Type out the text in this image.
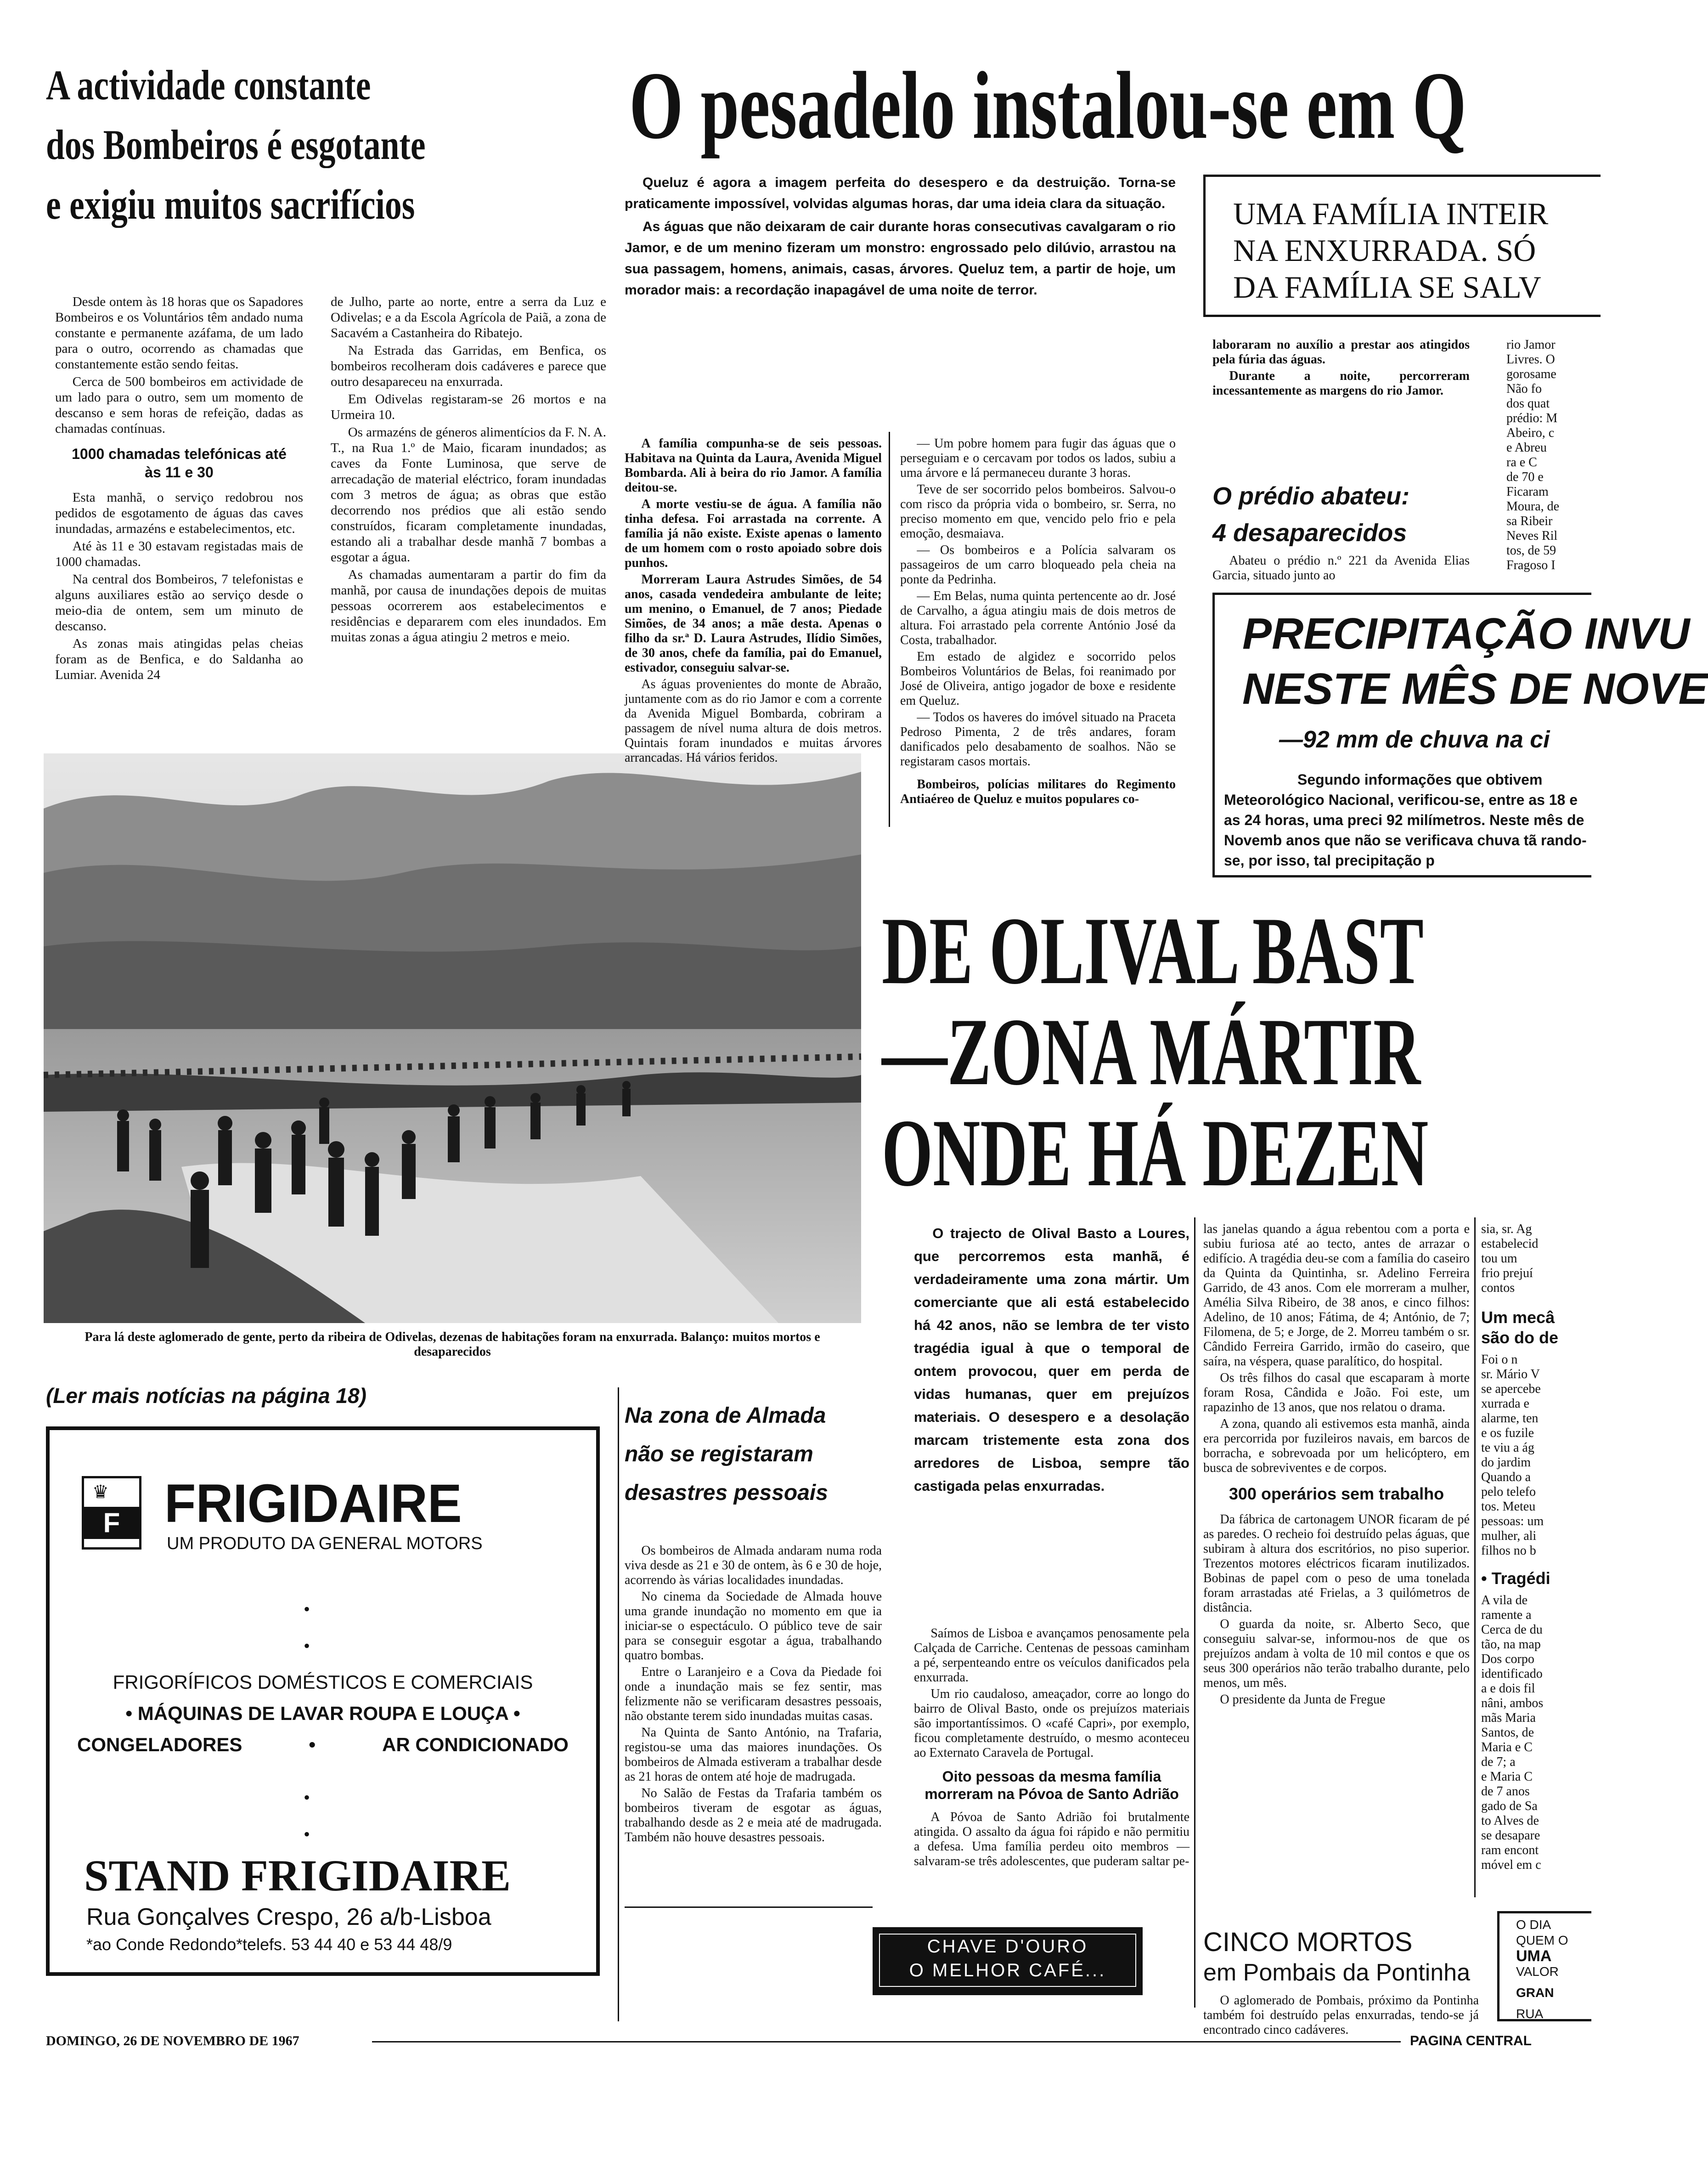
A actividade constante
dos Bombeiros é esgotante
e exigiu muitos sacrifícios

Desde ontem às 18 horas que os Sapadores Bombeiros e os Voluntários têm andado numa constante e permanente azáfama, de um lado para o outro, ocorrendo as chamadas que constantemente estão sendo feitas.

Cerca de 500 bombeiros em actividade de um lado para o outro, sem um momento de descanso e sem horas de refeição, dadas as chamadas contínuas.

1000 chamadas telefónicas até às 11 e 30

Esta manhã, o serviço redobrou nos pedidos de esgotamento de águas das caves inundadas, armazéns e estabelecimentos, etc.

Até às 11 e 30 estavam registadas mais de 1000 chamadas.

Na central dos Bombeiros, 7 telefonistas e alguns auxiliares estão ao serviço desde o meio-dia de ontem, sem um minuto de descanso.

As zonas mais atingidas pelas cheias foram as de Benfica, e do Saldanha ao Lumiar. Avenida 24

de Julho, parte ao norte, entre a serra da Luz e Odivelas; e a da Escola Agrícola de Paiã, a zona de Sacavém a Castanheira do Ribatejo.

Na Estrada das Garridas, em Benfica, os bombeiros recolheram dois cadáveres e parece que outro desapareceu na enxurrada.

Em Odivelas registaram-se 26 mortos e na Urmeira 10.

Os armazéns de géneros alimentícios da F. N. A. T., na Rua 1.º de Maio, ficaram inundados; as caves da Fonte Luminosa, que serve de arrecadação de material eléctrico, foram inundadas com 3 metros de água; as obras que estão decorrendo nos prédios que ali estão sendo construídos, ficaram completamente inundadas, estando ali a trabalhar desde manhã 7 bombas a esgotar a água.

As chamadas aumentaram a partir do fim da manhã, por causa de inundações depois de muitas pessoas ocorrerem aos estabelecimentos e residências e depararem com eles inundados. Em muitas zonas a água atingiu 2 metros e meio.

Para lá deste aglomerado de gente, perto da ribeira de Odivelas, dezenas de habitações foram na enxurrada. Balanço: muitos mortos e desaparecidos
(Ler mais notícias na página 18)
♛
F FRIGIDAIRE
UM PRODUTO DA GENERAL MOTORS
•
•
FRIGORÍFICOS DOMÉSTICOS E COMERCIAIS
• MÁQUINAS DE LAVAR ROUPA E LOUÇA •
CONGELADORES	•	AR CONDICIONADO
•
•
STAND FRIGIDAIRE
Rua Gonçalves Crespo, 26 a/b-Lisboa
*ao Conde Redondo* telefs. 53 44 40 e 53 44 48/9
O pesadelo instalou-se em Q

Queluz é agora a imagem perfeita do desespero e da destruição. Torna-se praticamente impossível, volvidas algumas horas, dar uma ideia clara da situação.

As águas que não deixaram de cair durante horas consecutivas cavalgaram o rio Jamor, e de um menino fizeram um monstro: engrossado pelo dilúvio, arrastou na sua passagem, homens, animais, casas, árvores. Queluz tem, a partir de hoje, um morador mais: a recordação inapagável de uma noite de terror.

A família compunha-se de seis pessoas. Habitava na Quinta da Laura, Avenida Miguel Bombarda. Ali à beira do rio Jamor. A família deitou-se.

A morte vestiu-se de água. A família não tinha defesa. Foi arrastada na corrente. A família já não existe. Existe apenas o lamento de um homem com o rosto apoiado sobre dois punhos.

Morreram Laura Astrudes Simões, de 54 anos, casada vendedeira ambulante de leite; um menino, o Emanuel, de 7 anos; Piedade Simões, de 34 anos; a mãe desta. Apenas o filho da sr.ª D. Laura Astrudes, Ilídio Simões, de 30 anos, chefe da família, pai do Emanuel, estivador, conseguiu salvar-se.

As águas provenientes do monte de Abraão, juntamente com as do rio Jamor e com a corrente da Avenida Miguel Bombarda, cobriram a passagem de nível numa altura de dois metros. Quintais foram inundados e muitas árvores arrancadas. Há vários feridos.

— Um pobre homem para fugir das águas que o perseguiam e o cercavam por todos os lados, subiu a uma árvore e lá permaneceu durante 3 horas.

Teve de ser socorrido pelos bombeiros. Salvou-o com risco da própria vida o bombeiro, sr. Serra, no preciso momento em que, vencido pelo frio e pela emoção, desmaiava.

— Os bombeiros e a Polícia salvaram os passageiros de um carro bloqueado pela cheia na ponte da Pedrinha.

— Em Belas, numa quinta pertencente ao dr. José de Carvalho, a água atingiu mais de dois metros de altura. Foi arrastado pela corrente António José da Costa, trabalhador.

Em estado de algidez e socorrido pelos Bombeiros Voluntários de Belas, foi reanimado por José de Oliveira, antigo jogador de boxe e residente em Queluz.

— Todos os haveres do imóvel situado na Praceta Pedroso Pimenta, 2 de três andares, foram danificados pelo desabamento de soalhos. Não se registaram casos mortais.

Bombeiros, polícias militares do Regimento Antiaéreo de Queluz e muitos populares co-

UMA FAMÍLIA INTEIR
NA ENXURRADA. SÓ
DA FAMÍLIA SE SALV

laboraram no auxílio a prestar aos atingidos pela fúria das águas.

Durante a noite, percorreram incessantemente as margens do rio Jamor.

O prédio abateu:
4 desaparecidos
Abateu o prédio n.º 221 da Avenida Elias Garcia, situado junto ao
rio Jamor
Livres. O
gorosame
Não fo
dos quat
prédio: M
Abeiro, c
e Abreu
ra e C
de 70 e
Ficaram
Moura, de
sa Ribeir
Neves Ril
tos, de 59
Fragoso I
PRECIPITAÇÃO INVU
NESTE MÊS DE NOVE
—92 mm de chuva na ci
Segundo informações que obtivem Meteorológico Nacional, verificou-se, entre as 18 e as 24 horas, uma preci 92 milímetros. Neste mês de Novemb anos que não se verificava chuva tã rando-se, por isso, tal precipitação p
DE OLIVAL BAST
—ZONA MÁRTIR
ONDE HÁ DEZEN
O trajecto de Olival Basto a Loures, que percorremos esta manhã, é verdadeiramente uma zona mártir. Um comerciante que ali está estabelecido há 42 anos, não se lembra de ter visto tragédia igual à que o temporal de ontem provocou, quer em perda de vidas humanas, quer em prejuízos materiais. O desespero e a desolação marcam tristemente esta zona dos arredores de Lisboa, sempre tão castigada pelas enxurradas.

Saímos de Lisboa e avançamos penosamente pela Calçada de Carriche. Centenas de pessoas caminham a pé, serpenteando entre os veículos danificados pela enxurrada.

Um rio caudaloso, ameaçador, corre ao longo do bairro de Olival Basto, onde os prejuízos materiais são importantíssimos. O «café Capri», por exemplo, ficou completamente destruído, o mesmo aconteceu ao Externato Caravela de Portugal.

Oito pessoas da mesma família morreram na Póvoa de Santo Adrião

A Póvoa de Santo Adrião foi brutalmente atingida. O assalto da água foi rápido e não permitiu a defesa. Uma família perdeu oito membros — salvaram-se três adolescentes, que puderam saltar pe-

las janelas quando a água rebentou com a porta e subiu furiosa até ao tecto, antes de arrazar o edifício. A tragédia deu-se com a família do caseiro da Quinta da Quintinha, sr. Adelino Ferreira Garrido, de 43 anos. Com ele morreram a mulher, Amélia Silva Ribeiro, de 38 anos, e cinco filhos: Adelino, de 10 anos; Fátima, de 4; António, de 7; Filomena, de 5; e Jorge, de 2. Morreu também o sr. Cândido Ferreira Garrido, irmão do caseiro, que saíra, na véspera, quase paralítico, do hospital.

Os três filhos do casal que escaparam à morte foram Rosa, Cândida e João. Foi este, um rapazinho de 13 anos, que nos relatou o drama.

A zona, quando ali estivemos esta manhã, ainda era percorrida por fuzileiros navais, em barcos de borracha, e sobrevoada por um helicóptero, em busca de sobreviventes e de corpos.

300 operários sem trabalho

Da fábrica de cartonagem UNOR ficaram de pé as paredes. O recheio foi destruído pelas águas, que subiram à altura dos escritórios, no piso superior. Trezentos motores eléctricos ficaram inutilizados. Bobinas de papel com o peso de uma tonelada foram arrastadas até Frielas, a 3 quilómetros de distância.

O guarda da noite, sr. Alberto Seco, que conseguiu salvar-se, informou-nos de que os prejuízos andam à volta de 10 mil contos e que os seus 300 operários não terão trabalho durante, pelo menos, um mês.

O presidente da Junta de Fregue

sia, sr. Ag
estabelecid
tou um
frio prejuí
contos
Um mecâ
são do de
Foi o n
sr. Mário V
se apercebe
xurrada e
alarme, ten
e os fuzile
te viu a ág
do jardim
Quando a
pelo telefo
tos. Meteu
pessoas: um
mulher, ali
filhos no b
• Tragédi
A vila de
ramente a
Cerca de du
tão, na map
Dos corpo
identificado
a e dois fil
nâni, ambos
mãs Maria
Santos, de
Maria e C
de 7; a
e Maria C
de 7 anos
gado de Sa
to Alves de
se desapare
ram encont
móvel em c
Na zona de Almada
não se registaram
desastres pessoais

Os bombeiros de Almada andaram numa roda viva desde as 21 e 30 de ontem, às 6 e 30 de hoje, acorrendo às várias localidades inundadas.

No cinema da Sociedade de Almada houve uma grande inundação no momento em que ia iniciar-se o espectáculo. O público teve de sair para se conseguir esgotar a água, trabalhando quatro bombas.

Entre o Laranjeiro e a Cova da Piedade foi onde a inundação mais se fez sentir, mas felizmente não se verificaram desastres pessoais, não obstante terem sido inundadas muitas casas.

Na Quinta de Santo António, na Trafaria, registou-se uma das maiores inundações. Os bombeiros de Almada estiveram a trabalhar desde as 21 horas de ontem até hoje de madrugada.

No Salão de Festas da Trafaria também os bombeiros tiveram de esgotar as águas, trabalhando desde as 2 e meia até de madrugada. Também não houve desastres pessoais.

CHAVE D'OURO
O MELHOR CAFÉ...
CINCO MORTOS
em Pombais da Pontinha
O aglomerado de Pombais, próximo da Pontinha também foi destruído pelas enxurradas, tendo-se já encontrado cinco cadáveres.
O DIA
QUEM O
UMA
VALOR
GRAN
RUA
DOMINGO, 26 DE NOVEMBRO DE 1967	PAGINA CENTRAL
